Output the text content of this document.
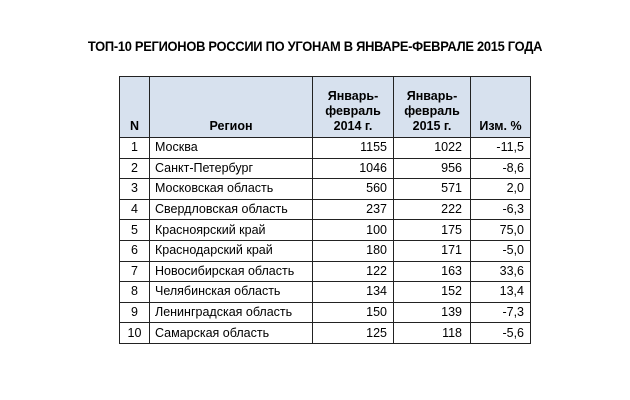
ТОП-10 РЕГИОНОВ РОССИИ ПО УГОНАМ В ЯНВАРЕ-ФЕВРАЛЕ 2015 ГОДА
N	Регион	Январь-
февраль
2014 г.	Январь-
февраль
2015 г.	Изм. %
1	Москва	1155	1022	-11,5
2	Санкт-Петербург	1046	956	-8,6
3	Московская область	560	571	2,0
4	Свердловская область	237	222	-6,3
5	Красноярский край	100	175	75,0
6	Краснодарский край	180	171	-5,0
7	Новосибирская область	122	163	33,6
8	Челябинская область	134	152	13,4
9	Ленинградская область	150	139	-7,3
10	Самарская область	125	118	-5,6
